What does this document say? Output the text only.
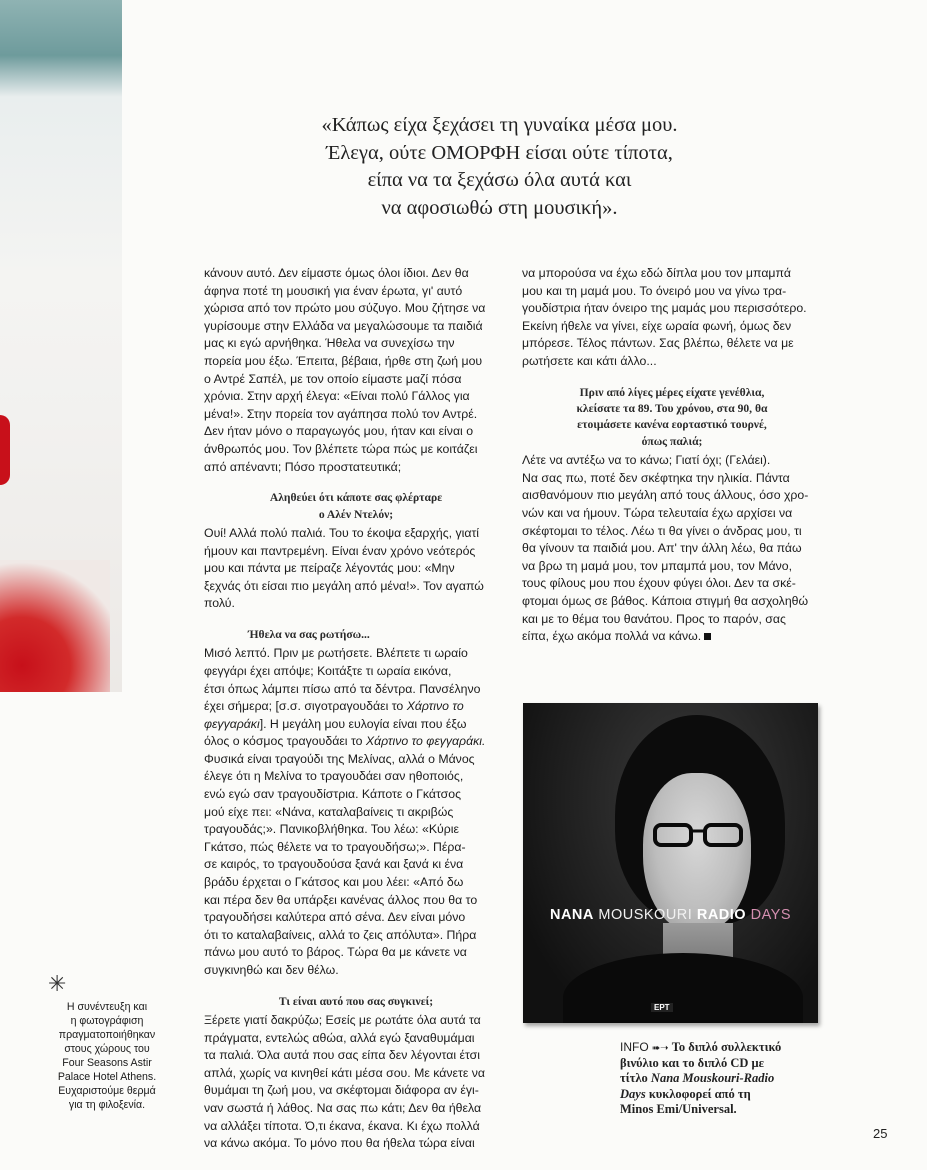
«Κάπως είχα ξεχάσει τη γυναίκα μέσα μου.
Έλεγα, ούτε ΟΜΟΡΦΗ είσαι ούτε τίποτα,
είπα να τα ξεχάσω όλα αυτά και
να αφοσιωθώ στη μουσική».

κάνουν αυτό. Δεν είμαστε όμως όλοι ίδιοι. Δεν θα

άφηνα ποτέ τη μουσική για έναν έρωτα, γι' αυτό

χώρισα από τον πρώτο μου σύζυγο. Μου ζήτησε να

γυρίσουμε στην Ελλάδα να μεγαλώσουμε τα παιδιά

μας κι εγώ αρνήθηκα. Ήθελα να συνεχίσω την

πορεία μου έξω. Έπειτα, βέβαια, ήρθε στη ζωή μου

ο Αντρέ Σαπέλ, με τον οποίο είμαστε μαζί πόσα

χρόνια. Στην αρχή έλεγα: «Είναι πολύ Γάλλος για

μένα!». Στην πορεία τον αγάπησα πολύ τον Αντρέ.

Δεν ήταν μόνο ο παραγωγός μου, ήταν και είναι ο

άνθρωπός μου. Τον βλέπετε τώρα πώς με κοιτάζει

από απέναντι; Πόσο προστατευτικά;

Αληθεύει ότι κάποτε σας φλέρταρε
ο Αλέν Ντελόν;

Ουί! Αλλά πολύ παλιά. Του το έκοψα εξαρχής, γιατί

ήμουν και παντρεμένη. Είναι έναν χρόνο νεότερός

μου και πάντα με πείραζε λέγοντάς μου: «Μην

ξεχνάς ότι είσαι πιο μεγάλη από μένα!». Τον αγαπώ

πολύ.

Ήθελα να σας ρωτήσω...

Μισό λεπτό. Πριν με ρωτήσετε. Βλέπετε τι ωραίο

φεγγάρι έχει απόψε; Κοιτάξτε τι ωραία εικόνα,

έτσι όπως λάμπει πίσω από τα δέντρα. Πανσέληνο

έχει σήμερα; [σ.σ. σιγοτραγουδάει το Χάρτινο το

φεγγαράκι]. Η μεγάλη μου ευλογία είναι που έξω

όλος ο κόσμος τραγουδάει το Χάρτινο το φεγγαράκι.

Φυσικά είναι τραγούδι της Μελίνας, αλλά ο Μάνος

έλεγε ότι η Μελίνα το τραγουδάει σαν ηθοποιός,

ενώ εγώ σαν τραγουδίστρια. Κάποτε ο Γκάτσος

μού είχε πει: «Νάνα, καταλαβαίνεις τι ακριβώς

τραγουδάς;». Πανικοβλήθηκα. Του λέω: «Κύριε

Γκάτσο, πώς θέλετε να το τραγουδήσω;». Πέρα-

σε καιρός, το τραγουδούσα ξανά και ξανά κι ένα

βράδυ έρχεται ο Γκάτσος και μου λέει: «Από δω

και πέρα δεν θα υπάρξει κανένας άλλος που θα το

τραγουδήσει καλύτερα από σένα. Δεν είναι μόνο

ότι το καταλαβαίνεις, αλλά το ζεις απόλυτα». Πήρα

πάνω μου αυτό το βάρος. Τώρα θα με κάνετε να

συγκινηθώ και δεν θέλω.

Τι είναι αυτό που σας συγκινεί;

Ξέρετε γιατί δακρύζω; Εσείς με ρωτάτε όλα αυτά τα

πράγματα, εντελώς αθώα, αλλά εγώ ξαναθυμάμαι

τα παλιά. Όλα αυτά που σας είπα δεν λέγονται έτσι

απλά, χωρίς να κινηθεί κάτι μέσα σου. Με κάνετε να

θυμάμαι τη ζωή μου, να σκέφτομαι διάφορα αν έγι-

ναν σωστά ή λάθος. Να σας πω κάτι; Δεν θα ήθελα

να αλλάξει τίποτα. Ό,τι έκανα, έκανα. Κι έχω πολλά

να κάνω ακόμα. Το μόνο που θα ήθελα τώρα είναι

να μπορούσα να έχω εδώ δίπλα μου τον μπαμπά

μου και τη μαμά μου. Το όνειρό μου να γίνω τρα-

γουδίστρια ήταν όνειρο της μαμάς μου περισσότερο.

Εκείνη ήθελε να γίνει, είχε ωραία φωνή, όμως δεν

μπόρεσε. Τέλος πάντων. Σας βλέπω, θέλετε να με

ρωτήσετε και κάτι άλλο...

Πριν από λίγες μέρες είχατε γενέθλια,
κλείσατε τα 89. Του χρόνου, στα 90, θα
ετοιμάσετε κανένα εορταστικό τουρνέ,
όπως παλιά;

Λέτε να αντέξω να το κάνω; Γιατί όχι; (Γελάει).

Να σας πω, ποτέ δεν σκέφτηκα την ηλικία. Πάντα

αισθανόμουν πιο μεγάλη από τους άλλους, όσο χρο-

νών και να ήμουν. Τώρα τελευταία έχω αρχίσει να

σκέφτομαι το τέλος. Λέω τι θα γίνει ο άνδρας μου, τι

θα γίνουν τα παιδιά μου. Απ' την άλλη λέω, θα πάω

να βρω τη μαμά μου, τον μπαμπά μου, τον Μάνο,

τους φίλους μου που έχουν φύγει όλοι. Δεν τα σκέ-

φτομαι όμως σε βάθος. Κάποια στιγμή θα ασχοληθώ

και με το θέμα του θανάτου. Προς το παρόν, σας

είπα, έχω ακόμα πολλά να κάνω.

NANA MOUSKOURI RADIO DAYS
ΕΡΤ
INFO ➠➝ Το διπλό συλλεκτικό
βινύλιο και το διπλό CD με
τίτλο Nana Mouskouri-Radio
Days κυκλοφορεί από τη
Minos Emi/Universal.
✳
Η συνέντευξη και
η φωτογράφιση
πραγματοποιήθηκαν
στους χώρους του
Four Seasons Astir
Palace Hotel Athens.
Ευχαριστούμε θερμά
για τη φιλοξενία.
25
